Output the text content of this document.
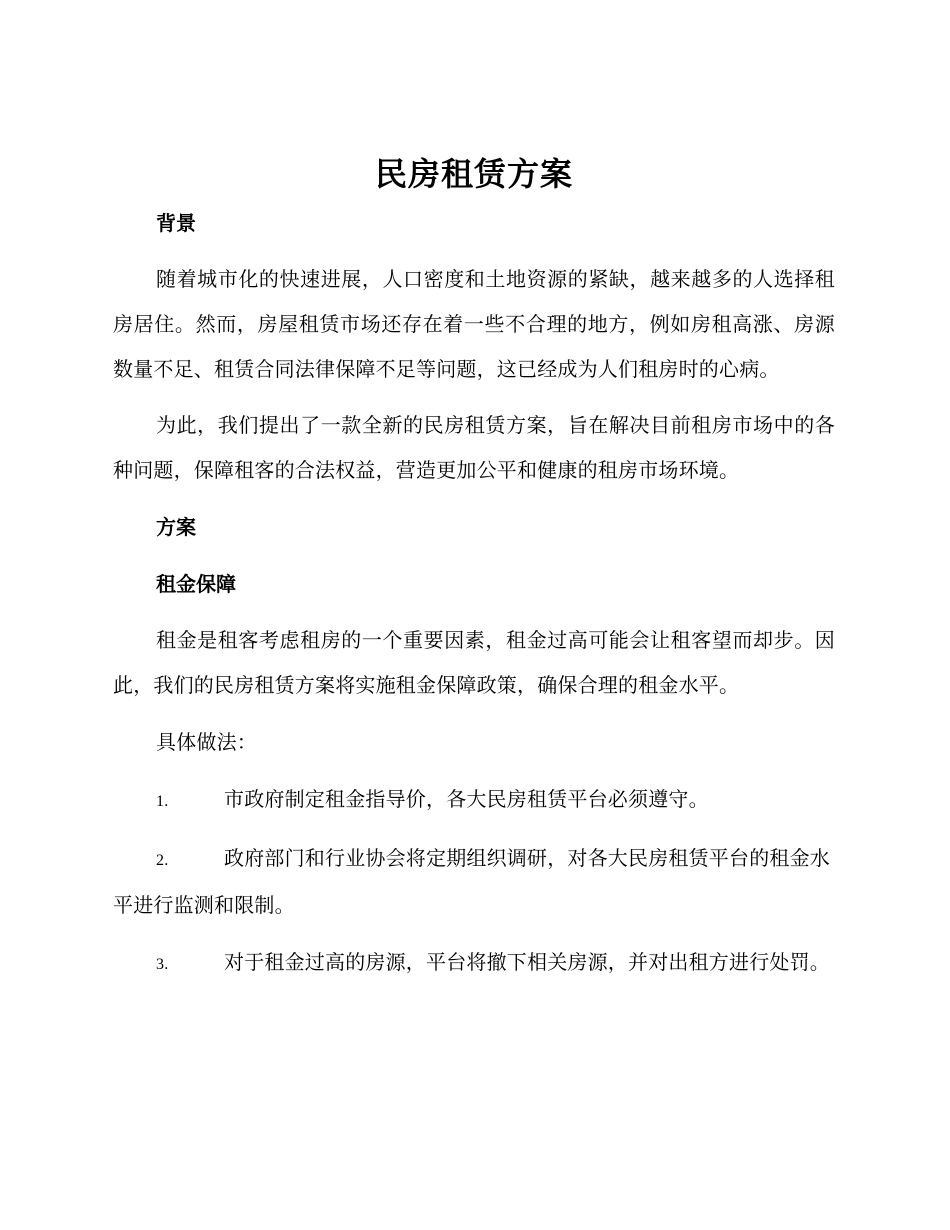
民房租赁方案

背景

随着城市化的快速进展，人口密度和土地资源的紧缺，越来越多的人选择租房居住。然而，房屋租赁市场还存在着一些不合理的地方，例如房租高涨、房源数量不足、租赁合同法律保障不足等问题，这已经成为人们租房时的心病。

为此，我们提出了一款全新的民房租赁方案，旨在解决目前租房市场中的各种问题，保障租客的合法权益，营造更加公平和健康的租房市场环境。

方案

租金保障

租金是租客考虑租房的一个重要因素，租金过高可能会让租客望而却步。因此，我们的民房租赁方案将实施租金保障政策，确保合理的租金水平。

具体做法：

1.	市政府制定租金指导价，各大民房租赁平台必须遵守。

2.	政府部门和行业协会将定期组织调研，对各大民房租赁平台的租金水平进行监测和限制。

3.	对于租金过高的房源，平台将撤下相关房源，并对出租方进行处罚。
